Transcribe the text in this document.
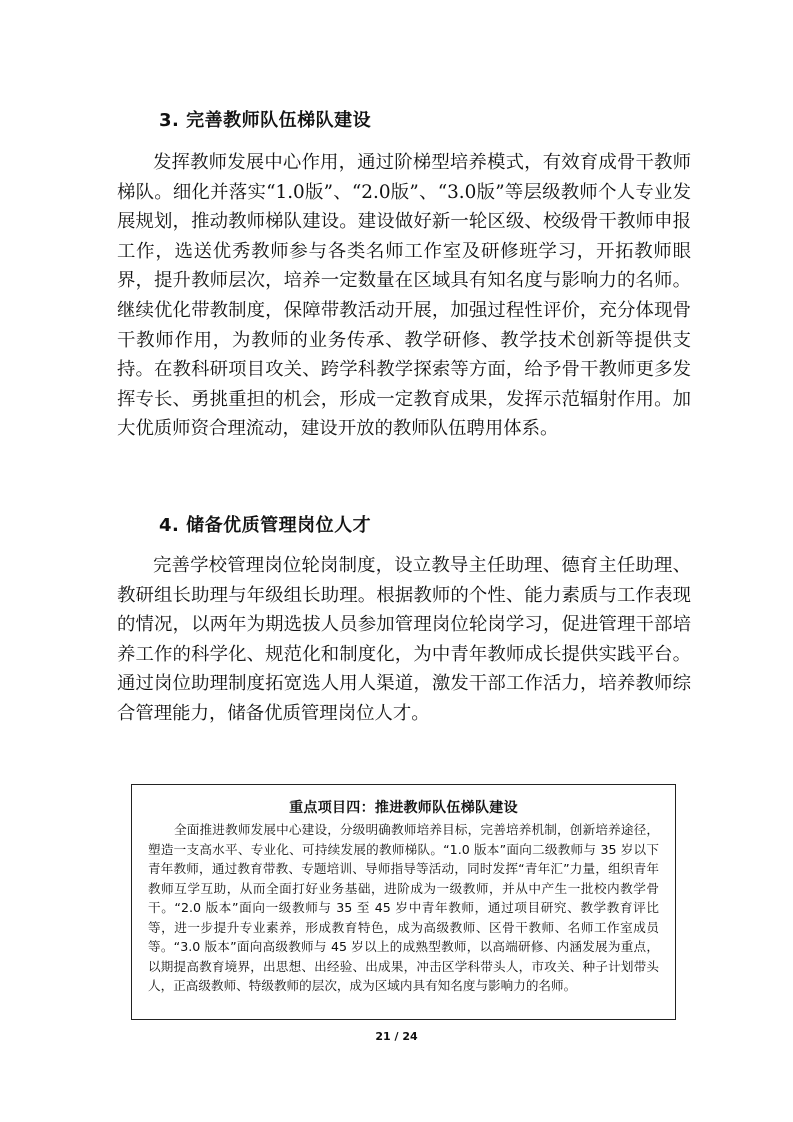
3. 完善教师队伍梯队建设
发挥教师发展中心作用，通过阶梯型培养模式，有效育成骨干教师梯队。细化并落实“1.0版”、“2.0版”、“3.0版”等层级教师个人专业发展规划，推动教师梯队建设。建设做好新一轮区级、校级骨干教师申报工作，选送优秀教师参与各类名师工作室及研修班学习，开拓教师眼界，提升教师层次，培养一定数量在区域具有知名度与影响力的名师。继续优化带教制度，保障带教活动开展，加强过程性评价，充分体现骨干教师作用，为教师的业务传承、教学研修、教学技术创新等提供支持。在教科研项目攻关、跨学科教学探索等方面，给予骨干教师更多发挥专长、勇挑重担的机会，形成一定教育成果，发挥示范辐射作用。加大优质师资合理流动，建设开放的教师队伍聘用体系。
4. 储备优质管理岗位人才
完善学校管理岗位轮岗制度，设立教导主任助理、德育主任助理、教研组长助理与年级组长助理。根据教师的个性、能力素质与工作表现的情况，以两年为期选拔人员参加管理岗位轮岗学习，促进管理干部培养工作的科学化、规范化和制度化，为中青年教师成长提供实践平台。通过岗位助理制度拓宽选人用人渠道，激发干部工作活力，培养教师综合管理能力，储备优质管理岗位人才。
重点项目四：推进教师队伍梯队建设
全面推进教师发展中心建设，分级明确教师培养目标，完善培养机制，创新培养途径，塑造一支高水平、专业化、可持续发展的教师梯队。“1.0 版本”面向二级教师与 35 岁以下青年教师，通过教育带教、专题培训、导师指导等活动，同时发挥“青年汇”力量，组织青年教师互学互助，从而全面打好业务基础，进阶成为一级教师，并从中产生一批校内教学骨干。“2.0 版本”面向一级教师与 35 至 45 岁中青年教师，通过项目研究、教学教育评比等，进一步提升专业素养，形成教育特色，成为高级教师、区骨干教师、名师工作室成员等。“3.0 版本”面向高级教师与 45 岁以上的成熟型教师，以高端研修、内涵发展为重点，以期提高教育境界，出思想、出经验、出成果，冲击区学科带头人，市攻关、种子计划带头人，正高级教师、特级教师的层次，成为区域内具有知名度与影响力的名师。
21 / 24
